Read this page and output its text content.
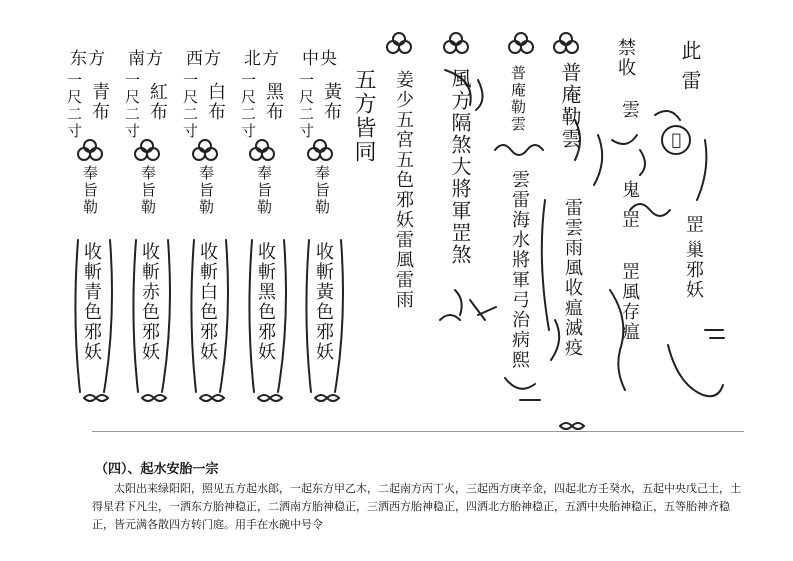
此
雷
𡇨
罡
巢邪妖
禁收
雲
鬼
罡
罡風存瘟
普庵勒雲
雷雲雨風收瘟滅疫
普庵勒雲
雲雷海水將軍弓治病熙
風方隔煞大將軍罡煞
姜少五宮五色邪妖雷風雷雨
五方皆同
中央
一尺二寸 黃布
奉旨勒
收斬黃色邪妖
北方
一尺二寸 黑布
奉旨勒
收斬黑色邪妖
西方
一尺二寸 白布
奉旨勒
收斬白色邪妖
南方
一尺二寸 紅布
奉旨勒
收斬赤色邪妖
东方
一尺二寸 青布
奉旨勒
收斬青色邪妖
（四）、起水安胎一宗
太阳出来绿阳阳，照见五方起水郎，一起东方甲乙木，二起南方丙丁火，三起西方庚辛金，四起北方壬癸水，五起中央戊己土，土得星君下凡尘，一洒东方胎神稳正，二洒南方胎神稳正，三洒西方胎神稳正，四洒北方胎神稳正，五洒中央胎神稳正，五等胎神齐稳正，皆元满各散四方转门庭。用手在水碗中号令
